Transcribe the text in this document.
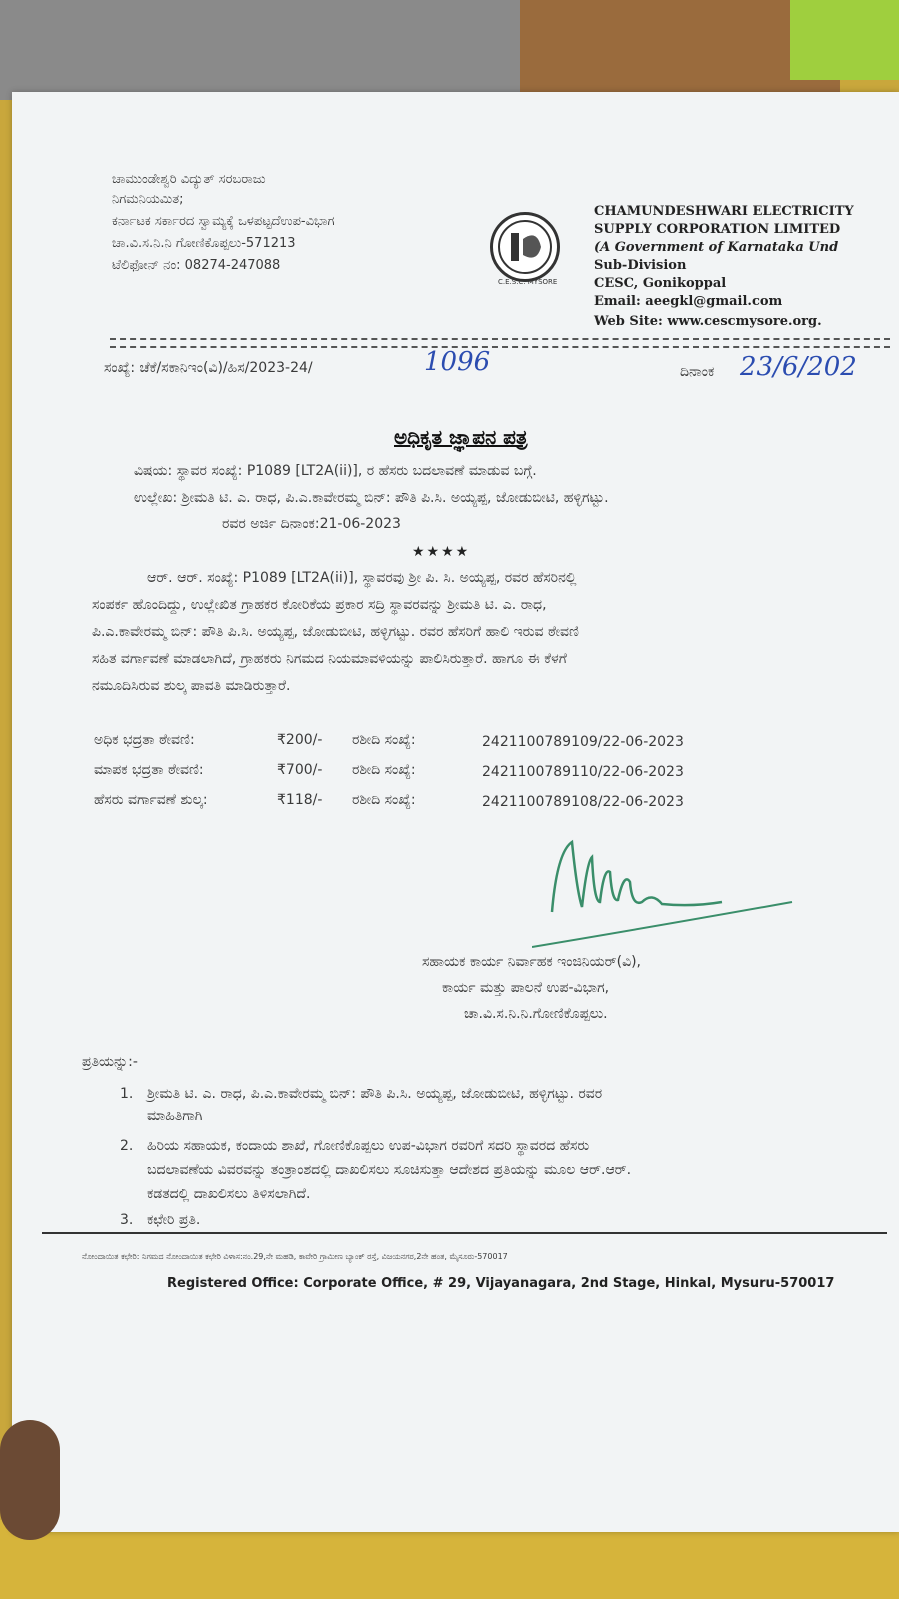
ಚಾಮುಂಡೇಶ್ವರಿ ವಿದ್ಯುತ್ ಸರಬರಾಜು
ನಿಗಮನಿಯಮಿತ;
ಕರ್ನಾಟಕ ಸರ್ಕಾರದ ಸ್ವಾಮ್ಯಕ್ಕೆ ಒಳಪಟ್ಟದೆಉಪ-ವಿಭಾಗ
ಚಾ.ವಿ.ಸ.ನಿ.ನಿ ಗೋಣಿಕೊಪ್ಪಲು-571213
ಟೆಲಿಫೋನ್ ನಂ: 08274-247088
C.E.S.C. MYSORE
CHAMUNDESHWARI ELECTRICITY
SUPPLY CORPORATION LIMITED
(A Government of Karnataka Und
Sub-Division
CESC, Gonikoppal
Email: aeegkl@gmail.com
Web Site: www.cescmysore.org.
ಸಂಖ್ಯೆ: ಚೆಕೆ/ಸಕಾನಿಇಂ(ವಿ)/ಹಿಸ/2023-24/	1096	ದಿನಾಂಕ 23/6/202
ಅಧಿಕೃತ ಜ್ಞಾಪನ ಪತ್ರ
ವಿಷಯ: ಸ್ಥಾವರ ಸಂಖ್ಯೆ: P1089 [LT2A(ii)], ರ ಹೆಸರು ಬದಲಾವಣೆ ಮಾಡುವ ಬಗ್ಗೆ.
ಉಲ್ಲೇಖ: ಶ್ರೀಮತಿ ಟಿ. ಎ. ರಾಧ, ಪಿ.ಎ.ಕಾವೇರಮ್ಮ ಬಿನ್: ಪೌತಿ ಪಿ.ಸಿ. ಅಯ್ಯಪ್ಪ, ಜೋಡುಬೀಟಿ, ಹಳ್ಳಿಗಟ್ಟು.
ರವರ ಅರ್ಜಿ ದಿನಾಂಕ:21-06-2023
★★★★
ಆರ್. ಆರ್. ಸಂಖ್ಯೆ: P1089 [LT2A(ii)], ಸ್ಥಾವರವು ಶ್ರೀ ಪಿ. ಸಿ. ಅಯ್ಯಪ್ಪ, ರವರ ಹೆಸರಿನಲ್ಲಿ
ಸಂಪರ್ಕ ಹೊಂದಿದ್ದು, ಉಲ್ಲೇಖಿತ ಗ್ರಾಹಕರ ಕೋರಿಕೆಯ ಪ್ರಕಾರ ಸದ್ರಿ ಸ್ಥಾವರವನ್ನು ಶ್ರೀಮತಿ ಟಿ. ಎ. ರಾಧ,
ಪಿ.ಎ.ಕಾವೇರಮ್ಮ ಬಿನ್: ಪೌತಿ ಪಿ.ಸಿ. ಅಯ್ಯಪ್ಪ, ಜೋಡುಬೀಟಿ, ಹಳ್ಳಿಗಟ್ಟು. ರವರ ಹೆಸರಿಗೆ ಹಾಲಿ ಇರುವ ಠೇವಣಿ
ಸಹಿತ ವರ್ಗಾವಣೆ ಮಾಡಲಾಗಿದೆ, ಗ್ರಾಹಕರು ನಿಗಮದ ನಿಯಮಾವಳಿಯನ್ನು ಪಾಲಿಸಿರುತ್ತಾರೆ. ಹಾಗೂ ಈ ಕೆಳಗೆ
ನಮೂದಿಸಿರುವ ಶುಲ್ಕ ಪಾವತಿ ಮಾಡಿರುತ್ತಾರೆ.
ಅಧಿಕ ಭದ್ರತಾ ಠೇವಣಿ:	₹200/- ರಶೀದಿ ಸಂಖ್ಯೆ:	2421100789109/22-06-2023
ಮಾಪಕ ಭದ್ರತಾ ಠೇವಣಿ:	₹700/- ರಶೀದಿ ಸಂಖ್ಯೆ:	2421100789110/22-06-2023
ಹೆಸರು ವರ್ಗಾವಣೆ ಶುಲ್ಕ:	₹118/- ರಶೀದಿ ಸಂಖ್ಯೆ:	2421100789108/22-06-2023
ಸಹಾಯಕ ಕಾರ್ಯ ನಿರ್ವಾಹಕ ಇಂಜಿನಿಯರ್(ವಿ),
ಕಾರ್ಯ ಮತ್ತು ಪಾಲನೆ ಉಪ-ವಿಭಾಗ,
ಚಾ.ವಿ.ಸ.ನಿ.ನಿ.ಗೋಣಿಕೊಪ್ಪಲು.
ಪ್ರತಿಯನ್ನು:-
1. ಶ್ರೀಮತಿ ಟಿ. ಎ. ರಾಧ, ಪಿ.ಎ.ಕಾವೇರಮ್ಮ ಬಿನ್: ಪೌತಿ ಪಿ.ಸಿ. ಅಯ್ಯಪ್ಪ, ಜೋಡುಬೀಟಿ, ಹಳ್ಳಿಗಟ್ಟು. ರವರ
ಮಾಹಿತಿಗಾಗಿ
2. ಹಿರಿಯ ಸಹಾಯಕ, ಕಂದಾಯ ಶಾಖೆ, ಗೋಣಿಕೊಪ್ಪಲು ಉಪ-ವಿಭಾಗ ರವರಿಗೆ ಸದರಿ ಸ್ಥಾವರದ ಹೆಸರು
ಬದಲಾವಣೆಯ ವಿವರವನ್ನು ತಂತ್ರಾಂಶದಲ್ಲಿ ದಾಖಲಿಸಲು ಸೂಚಿಸುತ್ತಾ ಆದೇಶದ ಪ್ರತಿಯನ್ನು ಮೂಲ ಆರ್.ಆರ್.
ಕಡತದಲ್ಲಿ ದಾಖಲಿಸಲು ತಿಳಿಸಲಾಗಿದೆ.
3. ಕಛೇರಿ ಪ್ರತಿ.
ನೋಂದಾಯಿತ ಕಛೇರಿ: ನಿಗಮದ ನೋಂದಾಯಿತ ಕಛೇರಿ ವಿಳಾಸ:ನಂ.29,ನೇ ಮಹಡಿ, ಕಾವೇರಿ ಗ್ರಾಮೀಣ ಬ್ಯಾಂಕ್ ರಸ್ತೆ, ವಿಜಯನಗರ,2ನೇ ಹಂತ, ಮೈಸೂರು-570017
Registered Office: Corporate Office, # 29, Vijayanagara, 2nd Stage, Hinkal, Mysuru-570017
